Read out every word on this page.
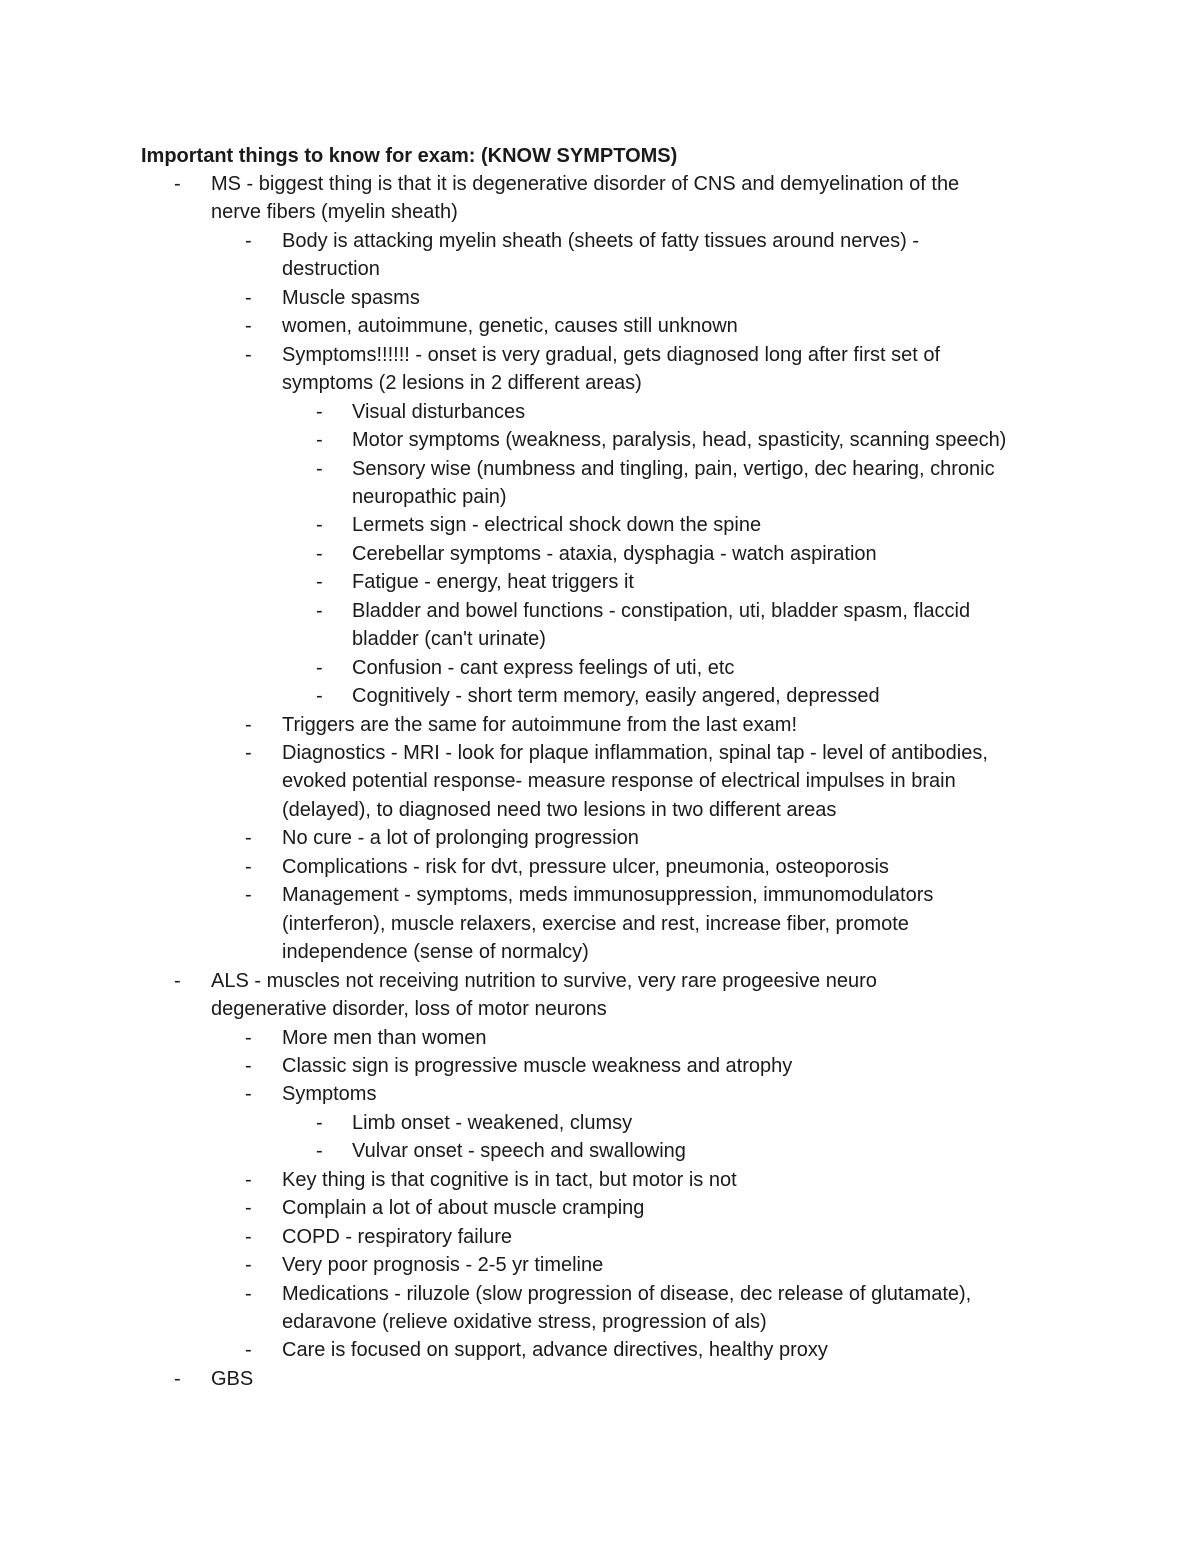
Important things to know for exam: (KNOW SYMPTOMS)
- MS - biggest thing is that it is degenerative disorder of CNS and demyelination of the
nerve fibers (myelin sheath)
- Body is attacking myelin sheath (sheets of fatty tissues around nerves) -
destruction
- Muscle spasms
- women, autoimmune, genetic, causes still unknown
- Symptoms!!!!!! - onset is very gradual, gets diagnosed long after first set of
symptoms (2 lesions in 2 different areas)
- Visual disturbances
- Motor symptoms (weakness, paralysis, head, spasticity, scanning speech)
- Sensory wise (numbness and tingling, pain, vertigo, dec hearing, chronic
neuropathic pain)
- Lermets sign - electrical shock down the spine
- Cerebellar symptoms - ataxia, dysphagia - watch aspiration
- Fatigue - energy, heat triggers it
- Bladder and bowel functions - constipation, uti, bladder spasm, flaccid
bladder (can't urinate)
- Confusion - cant express feelings of uti, etc
- Cognitively - short term memory, easily angered, depressed
- Triggers are the same for autoimmune from the last exam!
- Diagnostics - MRI - look for plaque inflammation, spinal tap - level of antibodies,
evoked potential response- measure response of electrical impulses in brain
(delayed), to diagnosed need two lesions in two different areas
- No cure - a lot of prolonging progression
- Complications - risk for dvt, pressure ulcer, pneumonia, osteoporosis
- Management - symptoms, meds immunosuppression, immunomodulators
(interferon), muscle relaxers, exercise and rest, increase fiber, promote
independence (sense of normalcy)
- ALS - muscles not receiving nutrition to survive, very rare progeesive neuro
degenerative disorder, loss of motor neurons
- More men than women
- Classic sign is progressive muscle weakness and atrophy
- Symptoms
- Limb onset - weakened, clumsy
- Vulvar onset - speech and swallowing
- Key thing is that cognitive is in tact, but motor is not
- Complain a lot of about muscle cramping
- COPD - respiratory failure
- Very poor prognosis - 2-5 yr timeline
- Medications - riluzole (slow progression of disease, dec release of glutamate),
edaravone (relieve oxidative stress, progression of als)
- Care is focused on support, advance directives, healthy proxy
- GBS
